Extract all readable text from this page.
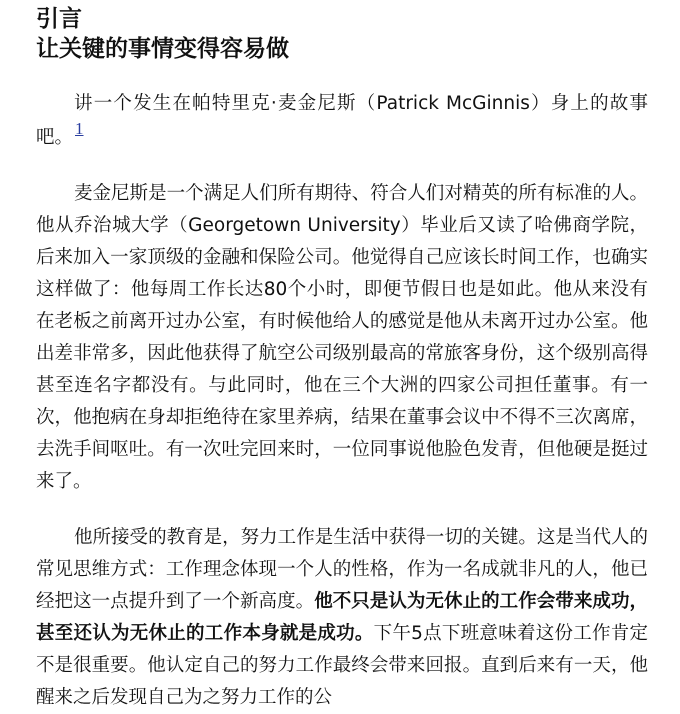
引言
让关键的事情变得容易做

讲一个发生在帕特里克·麦金尼斯（Patrick McGinnis）身上的故事吧。 1

麦金尼斯是一个满足人们所有期待、符合人们对精英的所有标准的人。他从乔治城大学（Georgetown University）毕业后又读了哈佛商学院，后来加入一家顶级的金融和保险公司。他觉得自己应该长时间工作，也确实这样做了：他每周工作长达80个小时，即便节假日也是如此。他从来没有在老板之前离开过办公室，有时候他给人的感觉是他从未离开过办公室。他出差非常多，因此他获得了航空公司级别最高的常旅客身份，这个级别高得甚至连名字都没有。与此同时，他在三个大洲的四家公司担任董事。有一次，他抱病在身却拒绝待在家里养病，结果在董事会议中不得不三次离席，去洗手间呕吐。有一次吐完回来时，一位同事说他脸色发青，但他硬是挺过来了。

他所接受的教育是，努力工作是生活中获得一切的关键。这是当代人的常见思维方式：工作理念体现一个人的性格，作为一名成就非凡的人，他已经把这一点提升到了一个新高度。他不只是认为无休止的工作会带来成功，甚至还认为无休止的工作本身就是成功。下午5点下班意味着这份工作肯定不是很重要。他认定自己的努力工作最终会带来回报。直到后来有一天，他醒来之后发现自己为之努力工作的公
